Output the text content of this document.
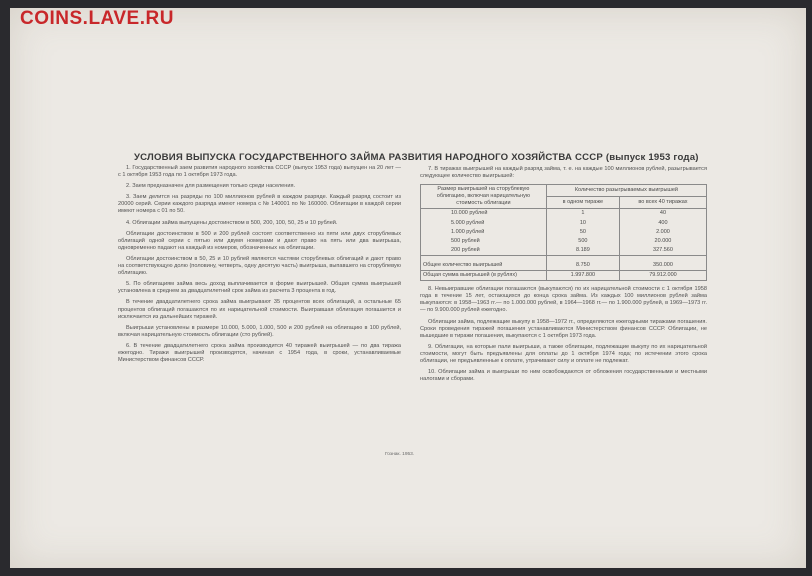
COINS.LAVE.RU
УСЛОВИЯ ВЫПУСКА ГОСУДАРСТВЕННОГО ЗАЙМА РАЗВИТИЯ НАРОДНОГО ХОЗЯЙСТВА СССР (выпуск 1953 года)

1. Государственный заем развития народного хозяйства СССР (выпуск 1953 года) выпущен на 20 лет — с 1 октября 1953 года по 1 октября 1973 года.

2. Заем предназначен для размещения только среди населения.

3. Заем делится на разряды по 100 миллионов рублей в каждом разряде. Каждый разряд состоит из 20000 серий. Серии каждого разряда имеют номера с № 140001 по № 160000. Облигации в каждой серии имеют номера с 01 по 50.

4. Облигации займа выпущены достоинством в 500, 200, 100, 50, 25 и 10 рублей.

Облигации достоинством в 500 и 200 рублей состоят соответственно из пяти или двух сторублевых облигаций одной серии с пятью или двумя номерами и дают право на пять или два выигрыша, одновременно падают на каждый из номеров, обозначенных на облигации.

Облигации достоинством в 50, 25 и 10 рублей являются частями сторублевых облигаций и дают право на соответствующую долю (половину, четверть, одну десятую часть) выигрыша, выпавшего на сторублевую облигацию.

5. По облигациям займа весь доход выплачивается в форме выигрышей. Общая сумма выигрышей установлена в среднем за двадцатилетний срок займа из расчета 3 процента в год.

В течение двадцатилетнего срока займа выигрывают 35 процентов всех облигаций, а остальные 65 процентов облигаций погашаются по их нарицательной стоимости. Выигравшая облигация погашается и исключается из дальнейших тиражей.

Выигрыши установлены в размере 10.000, 5.000, 1.000, 500 и 200 рублей на облигацию в 100 рублей, включая нарицательную стоимость облигации (сто рублей).

6. В течение двадцатилетнего срока займа производится 40 тиражей выигрышей — по два тиража ежегодно. Тиражи выигрышей производятся, начиная с 1954 года, в сроки, устанавливаемые Министерством финансов СССР.

Гознак. 1953.

7. В тиражах выигрышей на каждый разряд займа, т. е. на каждые 100 миллионов рублей, разыгрывается следующее количество выигрышей:

Размер выигрышей на сторублевую облигацию, включая нарицательную стоимость облигации	Количество разыгрываемых выигрышей	
	в одном тираже	во всех 40 тиражах
10.000 рублей	1	40
5.000 рублей	10	400
1.000 рублей	50	2.000
500 рублей	500	20.000
200 рублей	8.189	327.560
Общее количество выигрышей	8.750	350.000
Общая сумма выигрышей (в рублях)	1.997.800	79.912.000

8. Невыигравшие облигации погашаются (выкупаются) по их нарицательной стоимости с 1 октября 1958 года в течение 15 лет, остающихся до конца срока займа. Из каждых 100 миллионов рублей займа выкупаются: в 1958—1963 гг.— по 1.000.000 рублей, в 1964—1968 гг.— по 1.900.000 рублей, в 1969—1973 гг.— по 9.900.000 рублей ежегодно.

Облигации займа, подлежащие выкупу в 1958—1972 гг., определяются ежегодными тиражами погашения. Сроки проведения тиражей погашения устанавливаются Министерством финансов СССР. Облигации, не вышедшие в тиражи погашения, выкупаются с 1 октября 1973 года.

9. Облигации, на которые пали выигрыши, а также облигации, подлежащие выкупу по их нарицательной стоимости, могут быть предъявлены для оплаты до 1 октября 1974 года; по истечении этого срока облигации, не предъявленные к оплате, утрачивают силу и оплате не подлежат.

10. Облигации займа и выигрыши по ним освобождаются от обложения государственными и местными налогами и сборами.
